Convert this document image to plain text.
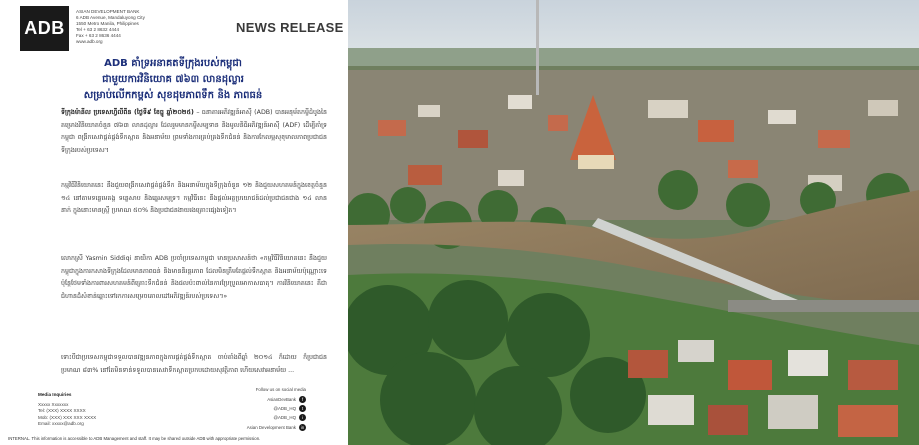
ADB
ASIAN DEVELOPMENT BANK
6 ADB Avenue, Mandaluyong City
1550 Metro Manila, Philippines
Tel + 63 2 8632 4444
Fax + 63 2 8636 4444
www.adb.org
NEWS RELEASE
ADB គាំទ្រអនាគតទីក្រុងរបស់កម្ពុជា
ជាមួយការវិនិយោគ ៧៦៣ លានដុល្លារ
សម្រាប់លើកកម្ពស់ សុខដុមភាពទឹក និង ភាពធន់

ទីក្រុងម៉ានីល ប្រទេសហ្វីលីពីន (ថ្ងៃទី៩ ខែធ្នូ ឆ្នាំ២០២៥) – ធនាគារអភិវឌ្ឍន៍អាស៊ី (ADB) បានអនុម័តកម្ចីដំបូងនៃគម្រោងវិនិយោគចំនួន ៧៦៣ លានដុល្លារ ដែលរួមមានកម្ចីសម្បទាន និងមូលនិធិអភិវឌ្ឍន៍អាស៊ី (ADF) ដើម្បីគាំទ្រកម្ពុជា ពង្រីកសេវាផ្គត់ផ្គង់ទឹកស្អាត និងអនាម័យ ព្រមទាំងការគ្រប់គ្រងទឹកជំនន់ និងការកែលម្អសុខុមាលភាពប្រជាជនទីក្រុងរបស់ប្រទេស។

កម្មវិធីវិនិយោគនេះ នឹងជួយពង្រីកសេវាផ្គត់ផ្គង់ទឹក និងអនាម័យក្នុងទីក្រុងចំនួន ១២ និងជួយសហគមន៍ក្នុងខេត្តចំនួន ១៤ នៅតាមទន្លេមេគង្គ ទន្លេសាប និងឆ្នេរសមុទ្រ។ កម្មវិធីនេះ នឹងផ្តល់អត្ថប្រយោជន៍ដល់ប្រជាជនជាង ១៤ លាននាក់ ក្នុងនោះមានស្ត្រី ប្រមាណ ៥០% និងប្រជាជនងាយរងគ្រោះផ្សេងទៀត។

លោកស្រី Yasmin Siddiqi នាយិកា ADB ប្រចាំប្រទេសកម្ពុជា មានប្រសាសន៍ថា «កម្មវិធីវិនិយោគនេះ នឹងជួយកម្ពុជាក្នុងការកសាងទីក្រុងដែលមានភាពធន់ និងមាននិរន្តរភាព ដែលមិនត្រឹមតែផ្តល់ទឹកស្អាត និងអនាម័យប៉ុណ្ណោះទេ ប៉ុន្តែថែមទាំងការពារសហគមន៍ពីគ្រោះទឹកជំនន់ និងផលប៉ះពាល់នៃការប្រែប្រួលអាកាសធាតុ។ ការវិនិយោគនេះ គឺជាជំហានដ៏សំខាន់ឆ្ពោះទៅរកការសម្រេចគោលដៅអភិវឌ្ឍន៍របស់ប្រទេស។»

ទោះបីជាប្រទេសកម្ពុជាទទួលបានវឌ្ឍនភាពក្នុងការផ្គត់ផ្គង់ទឹកស្អាត ចាប់តាំងពីឆ្នាំ ២០១៤ ក៏ដោយ ក៏ប្រជាជនប្រមាណ ៨៣% នៅតែមិនទាន់ទទួលបានសេវាទឹកស្អាតប្រកបដោយសុវត្ថិភាព ហើយសេវាអនាម័យ ...

Media Inquiries
Xxxxx Xxxxxxx
Tel: (XXX) XXXX XXXX
Mob: (XXX) XXX XXX XXXX
Email: xxxxx@adb.org
Follow us on social media
AsianDevBank	f
@ADB_HQ	t
@ADB_HQ	i
Asian Development Bank	in
INTERNAL. This information is accessible to ADB Management and staff. It may be shared outside ADB with appropriate permission.
